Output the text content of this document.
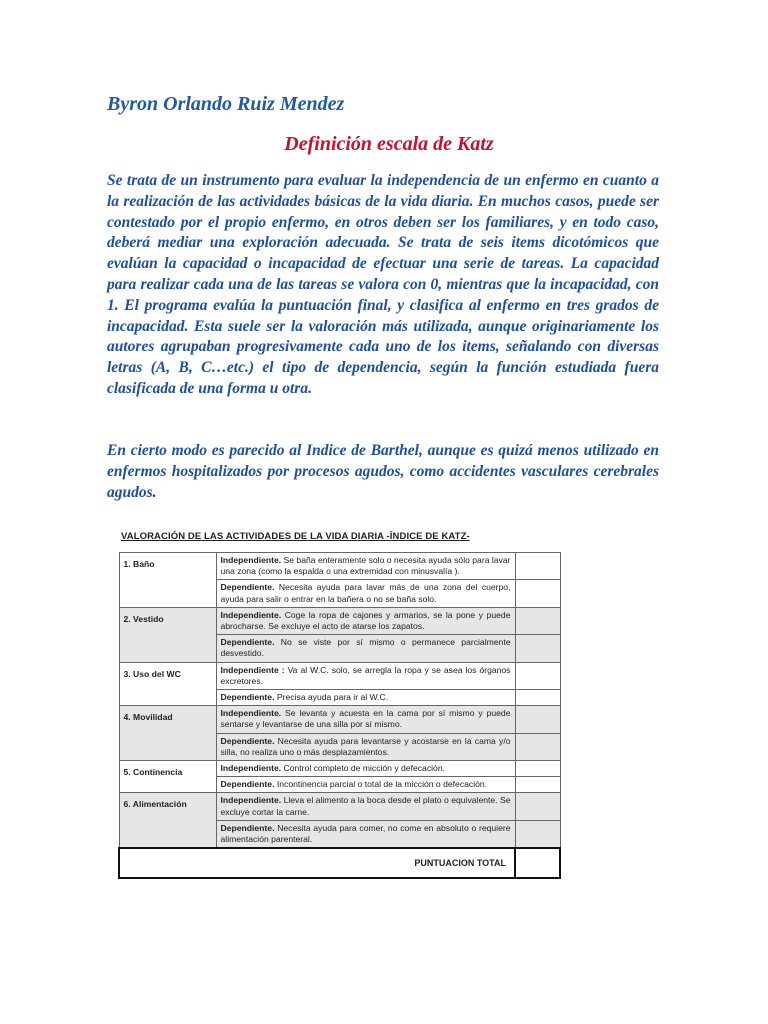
Byron Orlando Ruiz Mendez

Definición escala de Katz

Se trata de un instrumento para evaluar la independencia de un enfermo en cuanto a la realización de las actividades básicas de la vida diaria. En muchos casos, puede ser contestado por el propio enfermo, en otros deben ser los familiares, y en todo caso, deberá mediar una exploración adecuada. Se trata de seis items dicotómicos que evalúan la capacidad o incapacidad de efectuar una serie de tareas. La capacidad para realizar cada una de las tareas se valora con 0, mientras que la incapacidad, con 1. El programa evalúa la puntuación final, y clasifica al enfermo en tres grados de incapacidad. Esta suele ser la valoración más utilizada, aunque originariamente los autores agrupaban progresivamente cada uno de los items, señalando con diversas letras (A, B, C…etc.) el tipo de dependencia, según la función estudiada fuera clasificada de una forma u otra.

En cierto modo es parecido al Indice de Barthel, aunque es quizá menos utilizado en enfermos hospitalizados por procesos agudos, como accidentes vasculares cerebrales agudos.

VALORACIÓN DE LAS ACTIVIDADES DE LA VIDA DIARIA -ÍNDICE DE KATZ-
1. Baño	Independiente. Se baña enteramente solo o necesita ayuda sólo para lavar una zona (como la espalda o una extremidad con minusvalía ).	
	Dependiente. Necesita ayuda para lavar más de una zona del cuerpo, ayuda para salir o entrar en la bañera o no se baña solo.	
2. Vestido	Independiente. Coge la ropa de cajones y armarios, se la pone y puede abrocharse. Se excluye el acto de atarse los zapatos.	
	Dependiente. No se viste por sí mismo o permanece parcialmente desvestido.	
3. Uso del WC	Independiente : Va al W.C. solo, se arregla la ropa y se asea los órganos excretores.	
	Dependiente. Precisa ayuda para ir al W.C.	
4. Movilidad	Independiente. Se levanta y acuesta en la cama por sí mismo y puede sentarse y levantarse de una silla por sí mismo.	
	Dependiente. Necesita ayuda para levantarse y acostarse en la cama y/o silla, no realiza uno o más desplazamientos.	
5. Continencia	Independiente. Control completo de micción y defecación.	
	Dependiente. Incontinencia parcial o total de la micción o defecación.	
6. Alimentación	Independiente. Lleva el alimento a la boca desde el plato o equivalente. Se excluye cortar la carne.	
	Dependiente. Necesita ayuda para comer, no come en absoluto o requiere alimentación parenteral.	
PUNTUACION TOTAL		
